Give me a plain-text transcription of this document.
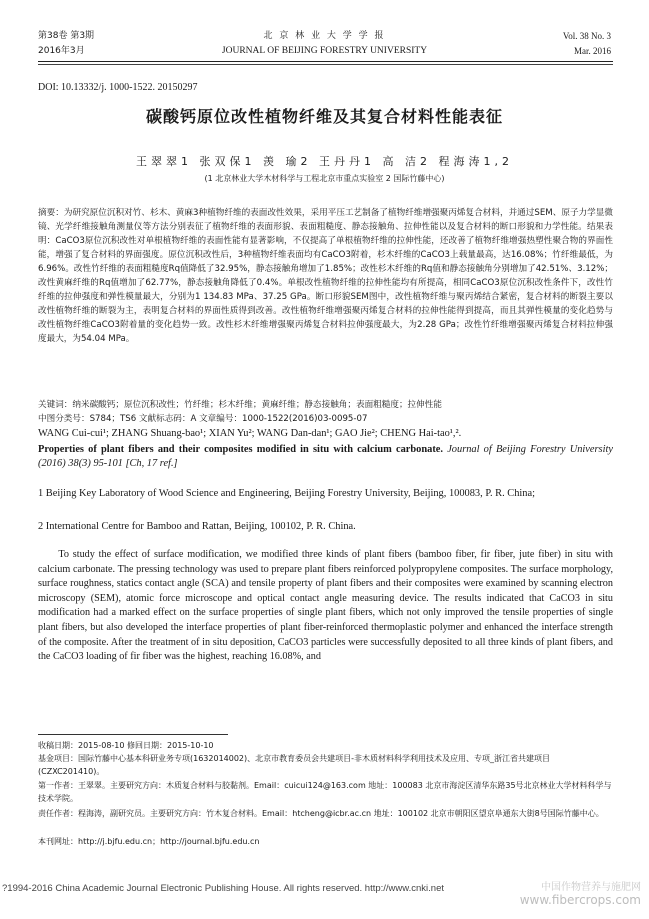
第38卷 第3期
2016年3月
北 京 林 业 大 学 学 报
JOURNAL OF BEIJING FORESTRY UNIVERSITY
Vol. 38 No. 3
Mar. 2016
DOI: 10.13332/j. 1000-1522. 20150297
碳酸钙原位改性植物纤维及其复合材料性能表征
王翠翠1 张双保1 羡 瑜2 王丹丹1 高 洁2 程海涛1,2
(1 北京林业大学木材科学与工程北京市重点实验室 2 国际竹藤中心)
摘要：为研究原位沉积对竹、杉木、黄麻3种植物纤维的表面改性效果，采用平压工艺制备了植物纤维增强聚丙烯复合材料，并通过SEM、原子力学显微镜、光学纤维接触角测量仪等方法分别表征了植物纤维的表面形貌、表面粗糙度、静态接触角、拉伸性能以及复合材料的断口形貌和力学性能。结果表明：CaCO3原位沉积改性对单根植物纤维的表面性能有显著影响，不仅提高了单根植物纤维的拉伸性能，还改善了植物纤维增强热塑性聚合物的界面性能，增强了复合材料的界面强度。原位沉积改性后，3种植物纤维表面均有CaCO3附着，杉木纤维的CaCO3上载量最高，达16.08%；竹纤维最低，为6.96%。改性竹纤维的表面粗糙度Rq值降低了32.95%，静态接触角增加了1.85%；改性杉木纤维的Rq值和静态接触角分别增加了42.51%、3.12%；改性黄麻纤维的Rq值增加了62.77%，静态接触角降低了0.4%。单根改性植物纤维的拉伸性能均有所提高，相同CaCO3原位沉积改性条件下，改性竹纤维的拉伸强度和弹性模量最大，分别为1 134.83 MPa、37.25 GPa。断口形貌SEM图中，改性植物纤维与聚丙烯结合紧密，复合材料的断裂主要以改性植物纤维的断裂为主，表明复合材料的界面性质得到改善。改性植物纤维增强聚丙烯复合材料的拉伸性能得到提高，而且其弹性模量的变化趋势与改性植物纤维CaCO3附着量的变化趋势一致。改性杉木纤维增强聚丙烯复合材料拉伸强度最大，为2.28 GPa；改性竹纤维增强聚丙烯复合材料拉伸强度最大，为54.04 MPa。
关键词：纳米碳酸钙；原位沉积改性；竹纤维；杉木纤维；黄麻纤维；静态接触角；表面粗糙度；拉伸性能
中图分类号：S784；TS6 文献标志码：A 文章编号：1000-1522(2016)03-0095-07
WANG Cui-cui¹; ZHANG Shuang-bao¹; XIAN Yu²; WANG Dan-dan¹; GAO Jie²; CHENG Hai-tao¹,².
Properties of plant fibers and their composites modified in situ with calcium carbonate. Journal of Beijing Forestry University (2016) 38(3) 95-101 [Ch, 17 ref.]
1 Beijing Key Laboratory of Wood Science and Engineering, Beijing Forestry University, Beijing, 100083, P. R. China;
2 International Centre for Bamboo and Rattan, Beijing, 100102, P. R. China.
To study the effect of surface modification, we modified three kinds of plant fibers (bamboo fiber, fir fiber, jute fiber) in situ with calcium carbonate. The pressing technology was used to prepare plant fibers reinforced polypropylene composites. The surface morphology, surface roughness, statics contact angle (SCA) and tensile property of plant fibers and their composites were examined by scanning electron microscopy (SEM), atomic force microscope and optical contact angle measuring device. The results indicated that CaCO3 in situ modification had a marked effect on the surface properties of single plant fibers, which not only improved the tensile properties of single plant fibers, but also developed the interface properties of plant fiber-reinforced thermoplastic polymer and enhanced the interface strength of the composite. After the treatment of in situ deposition, CaCO3 particles were successfully deposited to all three kinds of plant fibers, and the CaCO3 loading of fir fiber was the highest, reaching 16.08%, and
收稿日期：2015-08-10 修回日期：2015-10-10
基金项目：国际竹藤中心基本科研业务专项(1632014002)、北京市教育委员会共建项目-非木质材料科学利用技术及应用、专项_浙江省共建项目(CZXC201410)。
第一作者：王翠翠。主要研究方向：木质复合材料与胶黏剂。Email：cuicui124@163.com 地址：100083 北京市海淀区清华东路35号北京林业大学材料科学与技术学院。
责任作者：程海涛，副研究员。主要研究方向：竹木复合材料。Email：htcheng@icbr.ac.cn 地址：100102 北京市朝阳区望京阜通东大街8号国际竹藤中心。
本刊网址：http://j.bjfu.edu.cn；http://journal.bjfu.edu.cn
?1994-2016 China Academic Journal Electronic Publishing House. All rights reserved. http://www.cnki.net	中国作物营养与施肥网
www.fibercrops.com
